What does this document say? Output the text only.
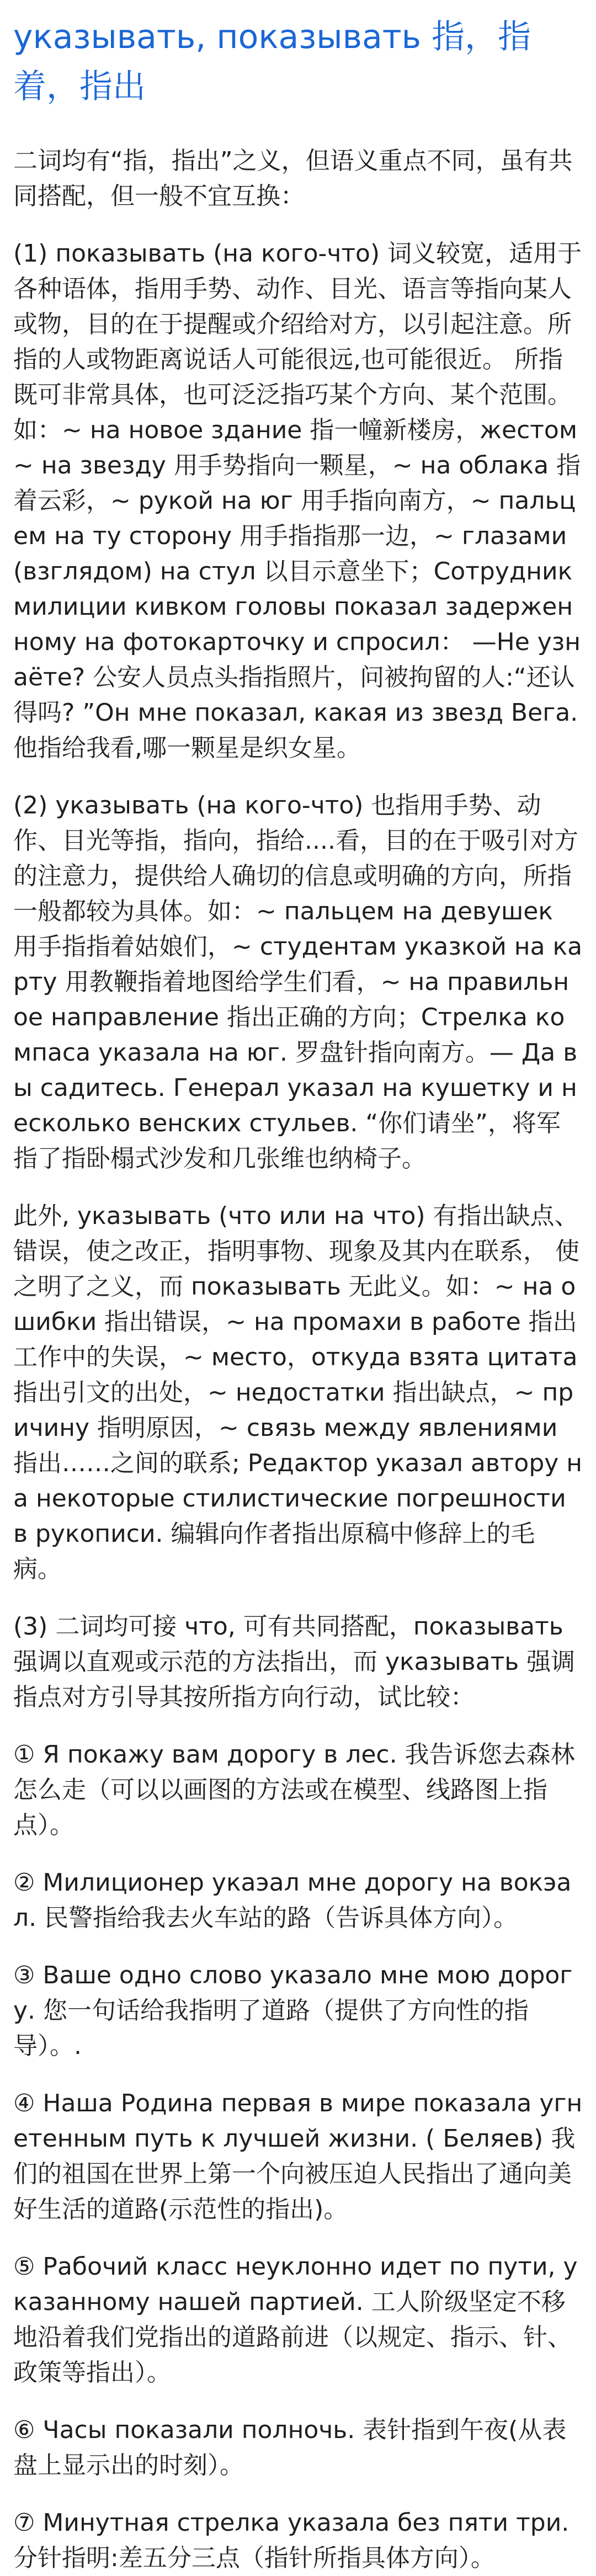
указывать, показывать 指，指着，指出

二词均有“指，指出”之义，但语义重点不同，虽有共同搭配，但一般不宜互换：

(1) показывать (на кого-что) 词义较宽，适用于各种语体，指用手势、动作、目光、语言等指向某人或物，目的在于提醒或介绍给对方，以引起注意。所指的人或物距离说话人可能很远,也可能很近。 所指既可非常具体，也可泛泛指巧某个方向、某个范围。如：~ на новое здание 指一幢新楼房，жестом ~ на звезду 用手势指向一颗星，~ на облака 指着云彩，~ рукой на юг 用手指向南方，~ пальцем на ту сторону 用手指指那一边，~ глазами (взглядом) на стул 以目示意坐下；Сотрудник милиции кивком головы показал задерженному на фотокарточку и спросил： —Не узнаёте? 公安人员点头指指照片，问被拘留的人:“还认得吗? ”Он мне показал, какая из звезд Вега. 他指给我看,哪一颗星是织女星。

(2) указывать (на кого-что) 也指用手势、动作、目光等指，指向，指给....看，目的在于吸引对方的注意力，提供给人确切的信息或明确的方向，所指一般都较为具体。如：~ пальцем на девушек 用手指指着姑娘们，~ студентам указкой на карту 用教鞭指着地图给学生们看，~ на правильное направление 指出正确的方向；Стрелка компаса указала на юг. 罗盘针指向南方。— Да вы садитесь. Генерал указал на кушетку и несколько венских стульев. “你们请坐”，将军指了指卧榻式沙发和几张维也纳椅子。

此外, указывать (что или на что) 有指出缺点、错误，使之改正，指明事物、现象及其内在联系， 使之明了之义，而 показывать 无此义。如：~ на ошибки 指出错误，~ на промахи в работе 指出工作中的失误，~ место，откуда взята цитата 指出引文的出处，~ недостатки 指出缺点，~ причину 指明原因，~ связь между явлениями 指出……之间的联系; Редактор указал автору на некоторые стилистические погрешности в рукописи. 编辑向作者指出原稿中修辞上的毛病。

(3) 二词均可接 что, 可有共同搭配，показывать 强调以直观或示范的方法指出，而 указывать 强调指点对方引导其按所指方向行动，试比较：

① Я покажу вам дорогу в лес. 我告诉您去森林怎么走（可以以画图的方法或在模型、线路图上指点）。

② Милиционер укаэал мне дорогу на вокэал. 民警指给我去火车站的路（告诉具体方向）。

③ Ваше одно слово указало мне мою дорогу. 您一句话给我指明了道路（提供了方向性的指导）。.

④ Наша Родина первая в мире показала угнетенным путь к лучшей жизни. ( Беляев) 我们的祖国在世界上第一个向被压迫人民指出了通向美好生活的道路(示范性的指出)。

⑤ Рабочий класс неуклонно идет по пути, указанному нашей партией. 工人阶级坚定不移地沿着我们党指出的道路前进（以规定、指示、针、政策等指出）。

⑥ Часы показали полночь. 表针指到午夜(从表盘上显示出的时刻）。

⑦ Минутная стрелка указала без пяти три. 分针指明:差五分三点（指针所指具体方向）。
